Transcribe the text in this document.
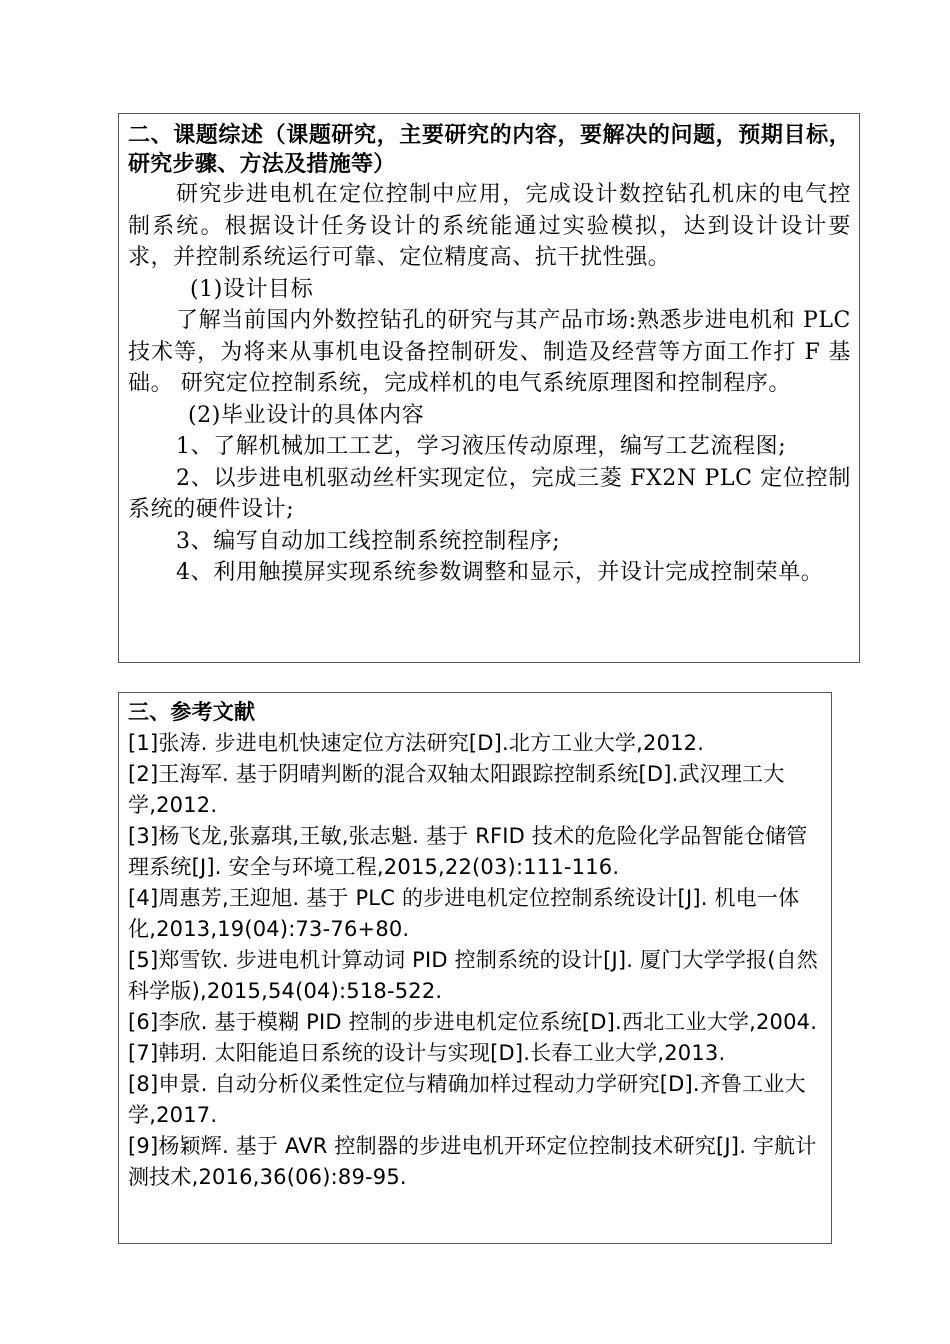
二、课题综述（课题研究，主要研究的内容，要解决的问题，预期目标，研究步骤、方法及措施等）

研究步进电机在定位控制中应用，完成设计数控钻孔机床的电气控制系统。根据设计任务设计的系统能通过实验模拟，达到设计设计要求，并控制系统运行可靠、定位精度高、抗干扰性强。

(1)设计目标

了解当前国内外数控钻孔的研究与其产品市场:熟悉步进电机和 PLC 技术等，为将来从事机电设备控制研发、制造及经营等方面工作打 F 基础。 研究定位控制系统，完成样机的电气系统原理图和控制程序。

(2)毕业设计的具体内容

1、了解机械加工工艺，学习液压传动原理，编写工艺流程图;

2、以步进电机驱动丝杆实现定位，完成三菱 FX2N PLC 定位控制系统的硬件设计;

3、编写自动加工线控制系统控制程序;

4、利用触摸屏实现系统参数调整和显示，并设计完成控制荣单。

三、参考文献

[1]张涛. 步进电机快速定位方法研究[D].北方工业大学,2012.

[2]王海军. 基于阴晴判断的混合双轴太阳跟踪控制系统[D].武汉理工大学,2012.

[3]杨飞龙,张嘉琪,王敏,张志魁. 基于 RFID 技术的危险化学品智能仓储管理系统[J]. 安全与环境工程,2015,22(03):111-116.

[4]周惠芳,王迎旭. 基于 PLC 的步进电机定位控制系统设计[J]. 机电一体化,2013,19(04):73-76+80.

[5]郑雪钦. 步进电机计算动词 PID 控制系统的设计[J]. 厦门大学学报(自然科学版),2015,54(04):518-522.

[6]李欣. 基于模糊 PID 控制的步进电机定位系统[D].西北工业大学,2004.

[7]韩玥. 太阳能追日系统的设计与实现[D].长春工业大学,2013.

[8]申景. 自动分析仪柔性定位与精确加样过程动力学研究[D].齐鲁工业大学,2017.

[9]杨颖辉. 基于 AVR 控制器的步进电机开环定位控制技术研究[J]. 宇航计测技术,2016,36(06):89-95.
